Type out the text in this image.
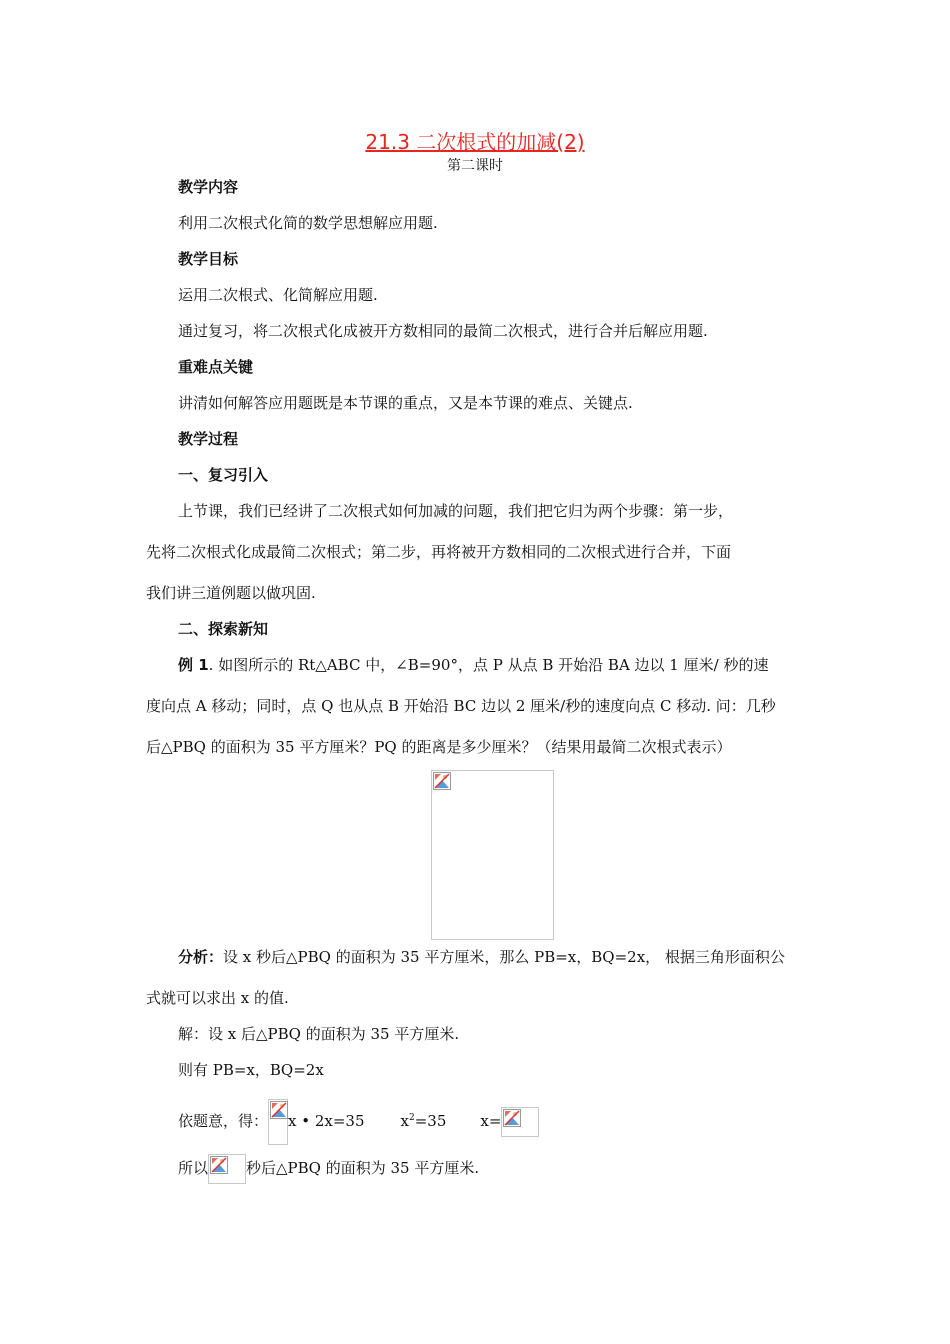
21.3 二次根式的加减(2)
第二课时
教学内容
利用二次根式化简的数学思想解应用题.
教学目标
运用二次根式、化简解应用题.
通过复习，将二次根式化成被开方数相同的最简二次根式，进行合并后解应用题.
重难点关键
讲清如何解答应用题既是本节课的重点，又是本节课的难点、关键点.
教学过程
一、复习引入
上节课，我们已经讲了二次根式如何加减的问题，我们把它归为两个步骤：第一步，
先将二次根式化成最简二次根式；第二步，再将被开方数相同的二次根式进行合并，下面
我们讲三道例题以做巩固.
二、探索新知
例 1. 如图所示的 Rt△ABC 中，∠B=90°，点 P 从点 B 开始沿 BA 边以 1 厘米/ 秒的速
度向点 A 移动；同时，点 Q 也从点 B 开始沿 BC 边以 2 厘米/秒的速度向点 C 移动. 问：几秒
后△PBQ 的面积为 35 平方厘米？PQ 的距离是多少厘米？（结果用最简二次根式表示）
分析：设 x 秒后△PBQ 的面积为 35 平方厘米，那么 PB=x，BQ=2x， 根据三角形面积公
式就可以求出 x 的值.
解：设 x 后△PBQ 的面积为 35 平方厘米.
则有 PB=x，BQ=2x
依题意，得： x • 2x=35 $x^2=35$ x=
所以	秒后△PBQ 的面积为 35 平方厘米.
